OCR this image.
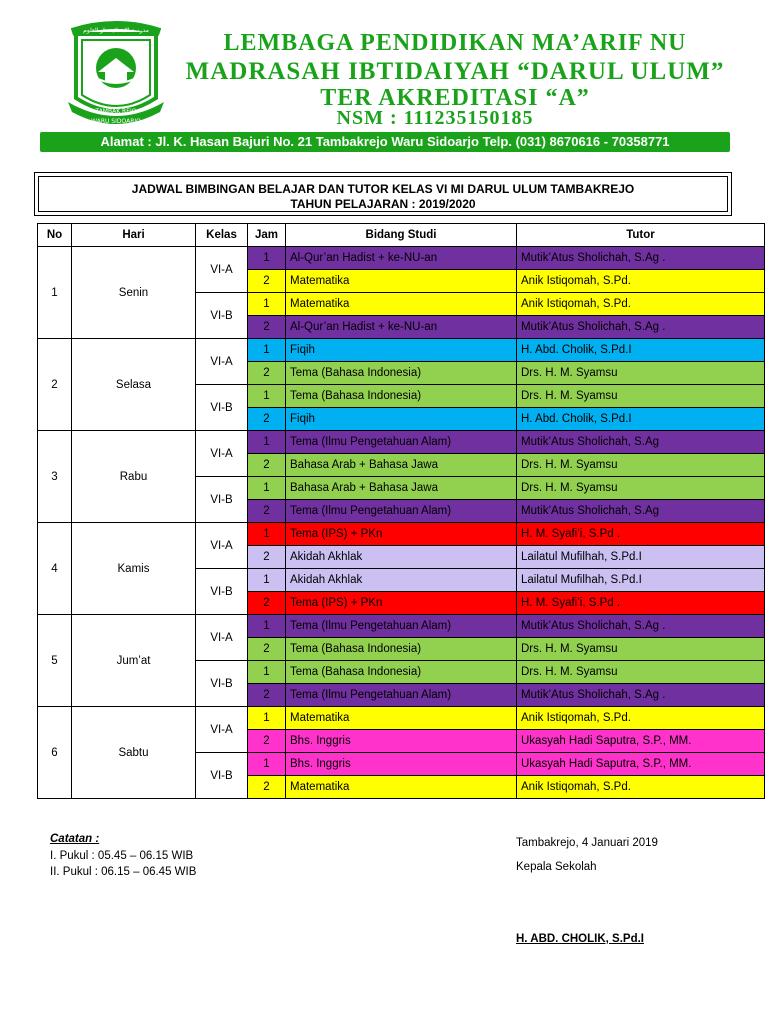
مدرسة الابتدائية دار العلوم
TAMBAK REJO
WARU SIDOARJO
LEMBAGA PENDIDIKAN MA’ARIF NU
MADRASAH IBTIDAIYAH “DARUL ULUM”
TER AKREDITASI “A”
NSM : 111235150185
Alamat : Jl. K. Hasan Bajuri No. 21 Tambakrejo Waru Sidoarjo Telp. (031) 8670616 - 70358771
JADWAL BIMBINGAN BELAJAR DAN TUTOR KELAS VI MI DARUL ULUM TAMBAKREJO
TAHUN PELAJARAN : 2019/2020
No	Hari	Kelas	Jam	Bidang Studi	Tutor
1	Senin	VI-A	1	Al-Qur’an Hadist + ke-NU-an	Mutik’Atus Sholichah, S.Ag .
			2	Matematika	Anik Istiqomah, S.Pd.
		VI-B	1	Matematika	Anik Istiqomah, S.Pd.
			2	Al-Qur’an Hadist + ke-NU-an	Mutik’Atus Sholichah, S.Ag .
2	Selasa	VI-A	1	Fiqih	H. Abd. Cholik, S.Pd.I
			2	Tema (Bahasa Indonesia)	Drs. H. M. Syamsu
		VI-B	1	Tema (Bahasa Indonesia)	Drs. H. M. Syamsu
			2	Fiqih	H. Abd. Cholik, S.Pd.I
3	Rabu	VI-A	1	Tema (Ilmu Pengetahuan Alam)	Mutik’Atus Sholichah, S.Ag
			2	Bahasa Arab + Bahasa Jawa	Drs. H. M. Syamsu
		VI-B	1	Bahasa Arab + Bahasa Jawa	Drs. H. M. Syamsu
			2	Tema (Ilmu Pengetahuan Alam)	Mutik’Atus Sholichah, S.Ag
4	Kamis	VI-A	1	Tema (IPS) + PKn	H. M. Syafi’i, S.Pd .
			2	Akidah Akhlak	Lailatul Mufilhah, S.Pd.I
		VI-B	1	Akidah Akhlak	Lailatul Mufilhah, S.Pd.I
			2	Tema (IPS) + PKn	H. M. Syafi’i, S.Pd .
5	Jum’at	VI-A	1	Tema (Ilmu Pengetahuan Alam)	Mutik’Atus Sholichah, S.Ag .
			2	Tema (Bahasa Indonesia)	Drs. H. M. Syamsu
		VI-B	1	Tema (Bahasa Indonesia)	Drs. H. M. Syamsu
			2	Tema (Ilmu Pengetahuan Alam)	Mutik’Atus Sholichah, S.Ag .
6	Sabtu	VI-A	1	Matematika	Anik Istiqomah, S.Pd.
			2	Bhs. Inggris	Ukasyah Hadi Saputra, S.P., MM.
		VI-B	1	Bhs. Inggris	Ukasyah Hadi Saputra, S.P., MM.
			2	Matematika	Anik Istiqomah, S.Pd.
Catatan :
I. Pukul : 05.45 – 06.15 WIB
II. Pukul : 06.15 – 06.45 WIB
Tambakrejo, 4 Januari 2019
Kepala Sekolah
H. ABD. CHOLIK, S.Pd.I
